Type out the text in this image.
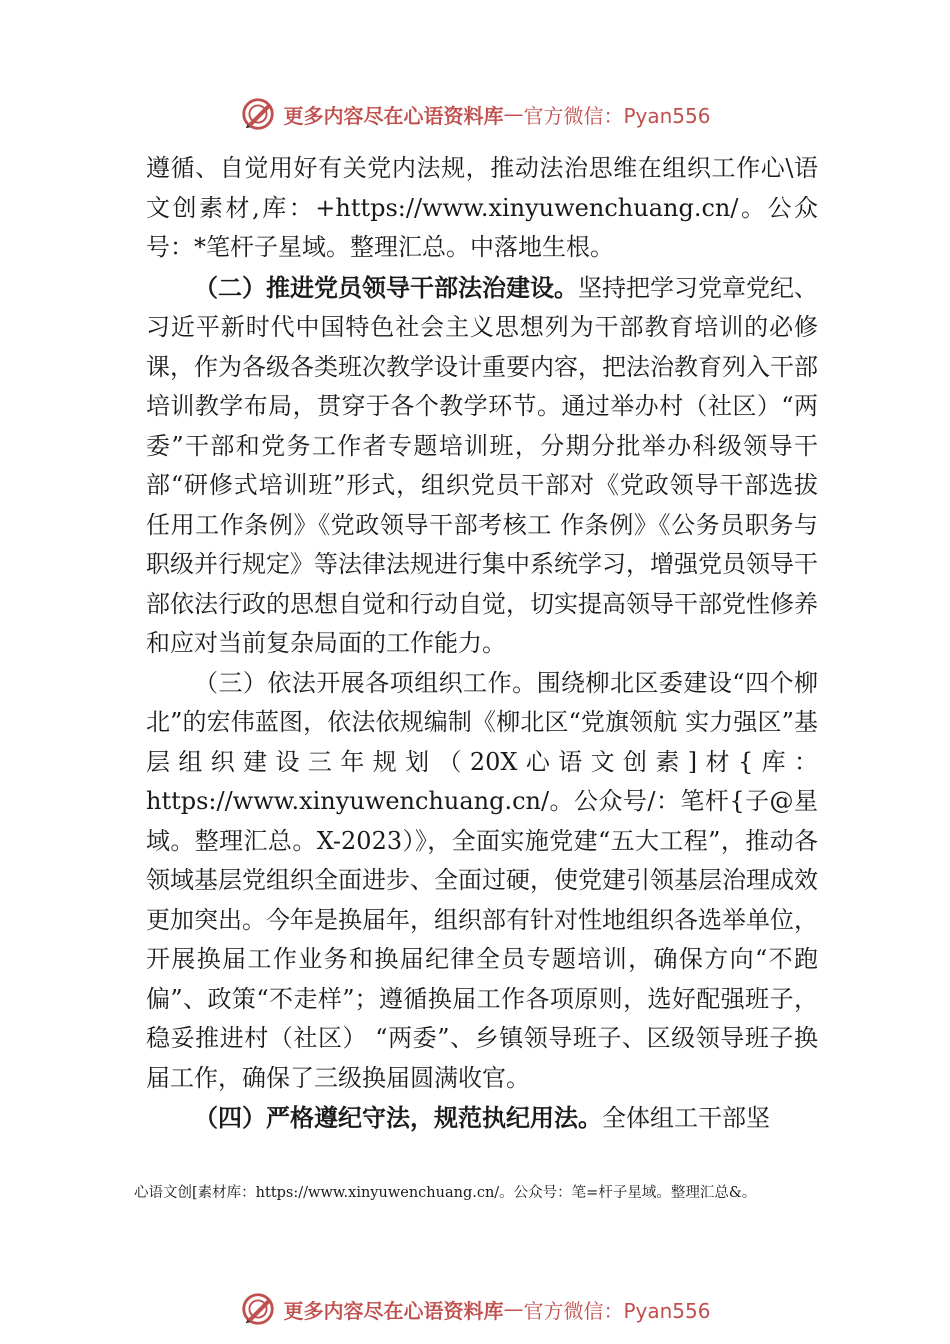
更多内容尽在心语资料库 — 官方微信：Pyan556

遵循、自觉用好有关党内法规，推动法治思维在组织工作心\语文创素材,库：+https://www.xinyuwenchuang.cn/。公众号：*笔杆子星域。整理汇总。中落地生根。

（二）推进党员领导干部法治建设。坚持把学习党章党纪、习近平新时代中国特色社会主义思想列为干部教育培训的必修课，作为各级各类班次教学设计重要内容，把法治教育列入干部培训教学布局，贯穿于各个教学环节。通过举办村（社区）“两委”干部和党务工作者专题培训班，分期分批举办科级领导干部“研修式培训班”形式，组织党员干部对《党政领导干部选拔任用工作条例》《党政领导干部考核工 作条例》《公务员职务与职级并行规定》等法律法规进行集中系统学习，增强党员领导干部依法行政的思想自觉和行动自觉，切实提高领导干部党性修养和应对当前复杂局面的工作能力。

（三）依法开展各项组织工作。围绕柳北区委建设“四个柳北”的宏伟蓝图，依法依规编制《柳北区“党旗领航 实力强区”基层组织建设三年规划（20X心语文创素]材{库：https://www.xinyuwenchuang.cn/。公众号/：笔杆{子@星域。整理汇总。X-2023）》，全面实施党建“五大工程”，推动各领域基层党组织全面进步、全面过硬，使党建引领基层治理成效更加突出。今年是换届年，组织部有针对性地组织各选举单位，开展换届工作业务和换届纪律全员专题培训，确保方向“不跑偏”、政策“不走样”；遵循换届工作各项原则，选好配强班子，稳妥推进村（社区） “两委”、乡镇领导班子、区级领导班子换届工作，确保了三级换届圆满收官。

（四）严格遵纪守法，规范执纪用法。全体组工干部坚

心语文创[素材库：https://www.xinyuwenchuang.cn/。公众号：笔=杆子星域。整理汇总&。
更多内容尽在心语资料库 — 官方微信：Pyan556
